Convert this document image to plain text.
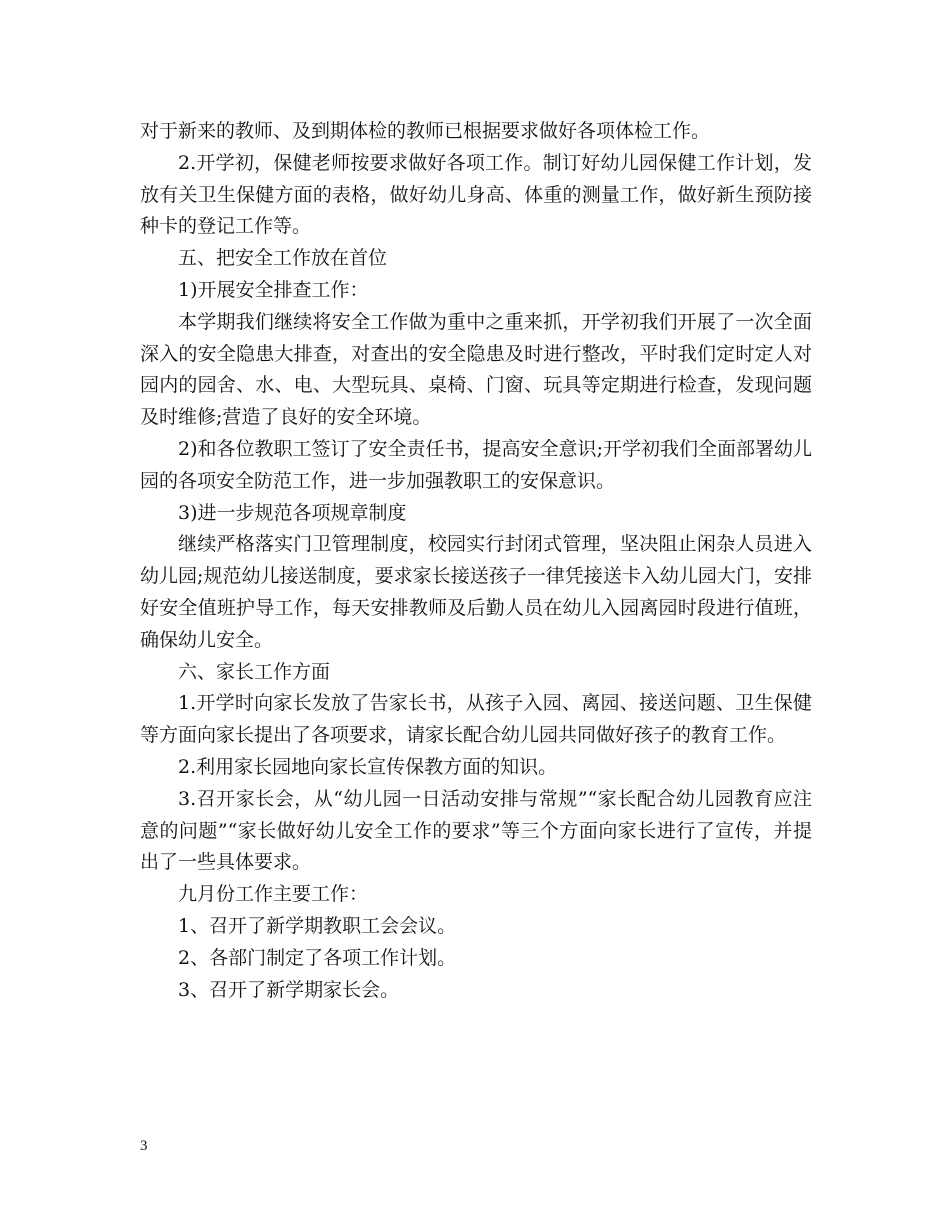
对于新来的教师、及到期体检的教师已根据要求做好各项体检工作。

2.开学初，保健老师按要求做好各项工作。制订好幼儿园保健工作计划，发放有关卫生保健方面的表格，做好幼儿身高、体重的测量工作，做好新生预防接种卡的登记工作等。

五、把安全工作放在首位

1)开展安全排查工作：

本学期我们继续将安全工作做为重中之重来抓，开学初我们开展了一次全面深入的安全隐患大排查，对查出的安全隐患及时进行整改，平时我们定时定人对园内的园舍、水、电、大型玩具、桌椅、门窗、玩具等定期进行检查，发现问题及时维修;营造了良好的安全环境。

2)和各位教职工签订了安全责任书，提高安全意识;开学初我们全面部署幼儿园的各项安全防范工作，进一步加强教职工的安保意识。

3)进一步规范各项规章制度

继续严格落实门卫管理制度，校园实行封闭式管理，坚决阻止闲杂人员进入幼儿园;规范幼儿接送制度，要求家长接送孩子一律凭接送卡入幼儿园大门，安排好安全值班护导工作，每天安排教师及后勤人员在幼儿入园离园时段进行值班，确保幼儿安全。

六、家长工作方面

1.开学时向家长发放了告家长书，从孩子入园、离园、接送问题、卫生保健等方面向家长提出了各项要求，请家长配合幼儿园共同做好孩子的教育工作。

2.利用家长园地向家长宣传保教方面的知识。

3.召开家长会，从“幼儿园一日活动安排与常规”“家长配合幼儿园教育应注意的问题”“家长做好幼儿安全工作的要求”等三个方面向家长进行了宣传，并提出了一些具体要求。

九月份工作主要工作：

1、召开了新学期教职工会会议。

2、各部门制定了各项工作计划。

3、召开了新学期家长会。

3
